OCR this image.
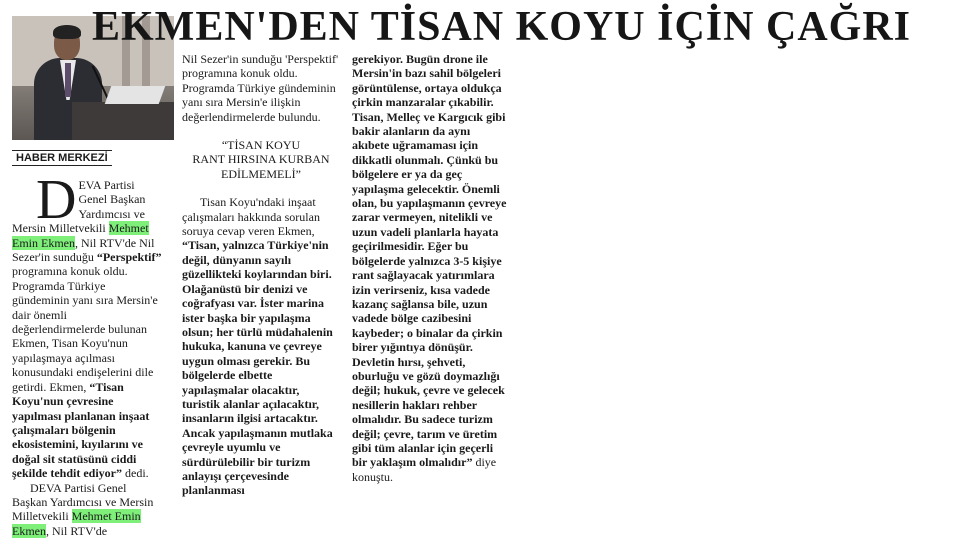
EKMEN'DEN TİSAN KOYU İÇİN ÇAĞRI
HABER MERKEZİ

DEVA Partisi Genel Başkan Yardımcısı ve Mersin Milletvekili Mehmet Emin Ekmen, Nil RTV'de Nil Sezer'in sunduğu “Perspektif” programına konuk oldu. Programda Türkiye gündeminin yanı sıra Mersin'e dair önemli değerlendirmelerde bulunan Ekmen, Tisan Koyu'nun yapılaşmaya açılması konusundaki endişelerini dile getirdi. Ekmen, “Tisan Koyu'nun çevresine yapılması planlanan inşaat çalışmaları bölgenin ekosistemini, kıyılarını ve doğal sit statüsünü ciddi şekilde tehdit ediyor” dedi.

DEVA Partisi Genel Başkan Yardımcısı ve Mersin Milletvekili Mehmet Emin Ekmen, Nil RTV'de

Nil Sezer'in sunduğu 'Perspektif' programına konuk oldu. Programda Türkiye gündeminin yanı sıra Mersin'e ilişkin değerlendirmelerde bulundu.

“TİSAN KOYU
RANT HIRSINA KURBAN
EDİLMEMELİ”

Tisan Koyu'ndaki inşaat çalışmaları hakkında sorulan soruya cevap veren Ekmen, “Tisan, yalnızca Türkiye'nin değil, dünyanın sayılı güzellikteki koylarından biri. Olağanüstü bir denizi ve coğrafyası var. İster marina ister başka bir yapılaşma olsun; her türlü müdahalenin hukuka, kanuna ve çevreye uygun olması gerekir. Bu bölgelerde elbette yapılaşmalar olacaktır, turistik alanlar açılacaktır, insanların ilgisi artacaktır. Ancak yapılaşmanın mutlaka çevreyle uyumlu ve sürdürülebilir bir turizm anlayışı çerçevesinde planlanması

gerekiyor. Bugün drone ile Mersin'in bazı sahil bölgeleri görüntülense, ortaya oldukça çirkin manzaralar çıkabilir. Tisan, Melleç ve Kargıcık gibi bakir alanların da aynı akıbete uğramaması için dikkatli olunmalı. Çünkü bu bölgelere er ya da geç yapılaşma gelecektir. Önemli olan, bu yapılaşmanın çevreye zarar vermeyen, nitelikli ve uzun vadeli planlarla hayata geçirilmesidir. Eğer bu bölgelerde yalnızca 3-5 kişiye rant sağlayacak yatırımlara izin verirseniz, kısa vadede kazanç sağlansa bile, uzun vadede bölge cazibesini kaybeder; o binalar da çirkin birer yığıntıya dönüşür. Devletin hırsı, şehveti, oburluğu ve gözü doymazlığı değil; hukuk, çevre ve gelecek nesillerin hakları rehber olmalıdır. Bu sadece turizm değil; çevre, tarım ve üretim gibi tüm alanlar için geçerli bir yaklaşım olmalıdır” diye konuştu.
